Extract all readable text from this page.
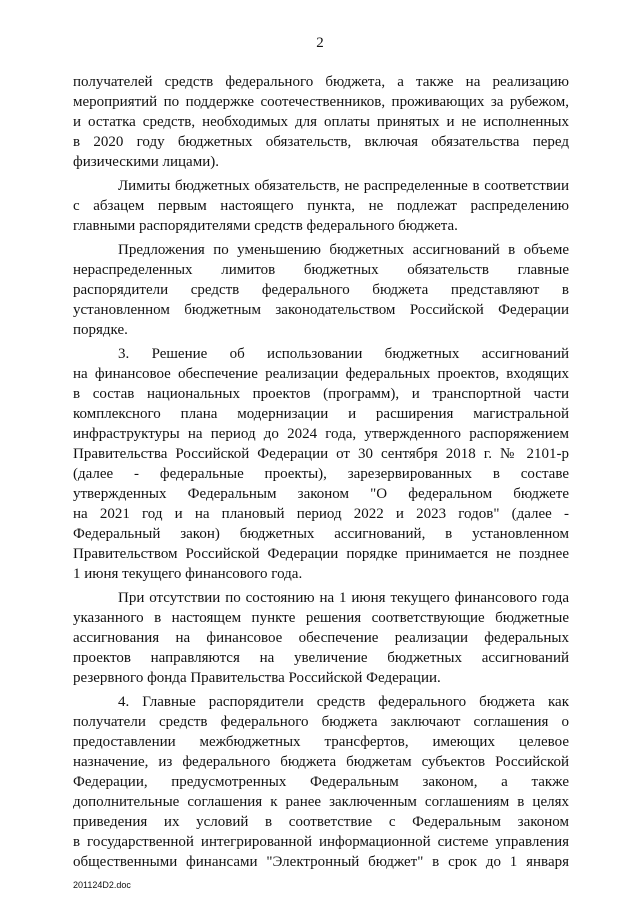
2
получателей средств федерального бюджета, а также на реализацию
мероприятий по поддержке соотечественников, проживающих за рубежом,
и остатка средств, необходимых для оплаты принятых и не исполненных
в 2020 году бюджетных обязательств, включая обязательства перед
физическими лицами).
Лимиты бюджетных обязательств, не распределенные в соответствии
с абзацем первым настоящего пункта, не подлежат распределению
главными распорядителями средств федерального бюджета.
Предложения по уменьшению бюджетных ассигнований в объеме
нераспределенных лимитов бюджетных обязательств главные
распорядители средств федерального бюджета представляют в
установленном бюджетным законодательством Российской Федерации
порядке.
3. Решение об использовании бюджетных ассигнований
на финансовое обеспечение реализации федеральных проектов, входящих
в состав национальных проектов (программ), и транспортной части
комплексного плана модернизации и расширения магистральной
инфраструктуры на период до 2024 года, утвержденного распоряжением
Правительства Российской Федерации от 30 сентября 2018 г. № 2101-р
(далее - федеральные проекты), зарезервированных в составе
утвержденных Федеральным законом "О федеральном бюджете
на 2021 год и на плановый период 2022 и 2023 годов" (далее -
Федеральный закон) бюджетных ассигнований, в установленном
Правительством Российской Федерации порядке принимается не позднее
1 июня текущего финансового года.
При отсутствии по состоянию на 1 июня текущего финансового года
указанного в настоящем пункте решения соответствующие бюджетные
ассигнования на финансовое обеспечение реализации федеральных
проектов направляются на увеличение бюджетных ассигнований
резервного фонда Правительства Российской Федерации.
4. Главные распорядители средств федерального бюджета как
получатели средств федерального бюджета заключают соглашения о
предоставлении межбюджетных трансфертов, имеющих целевое
назначение, из федерального бюджета бюджетам субъектов Российской
Федерации, предусмотренных Федеральным законом, а также
дополнительные соглашения к ранее заключенным соглашениям в целях
приведения их условий в соответствие с Федеральным законом
в государственной интегрированной информационной системе управления
общественными финансами "Электронный бюджет" в срок до 1 января
201124D2.doc
